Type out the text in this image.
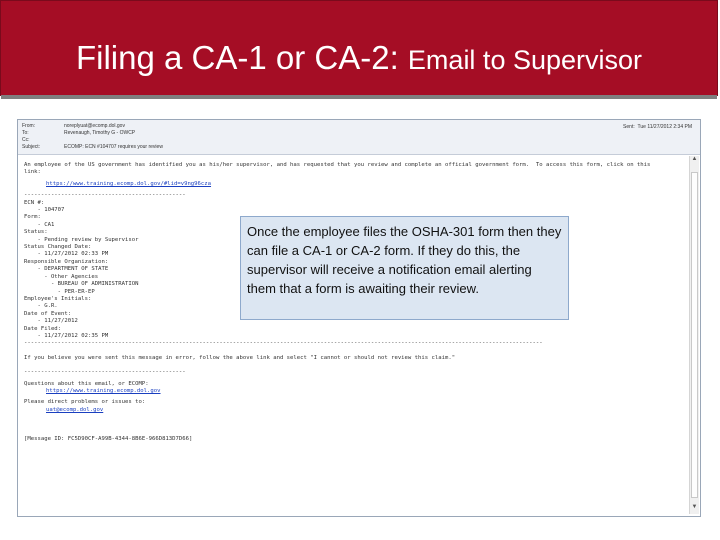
Filing a CA-1 or CA-2: Email to Supervisor
From:	noreplyuat@ecomp.dol.gov
To:	Revenaugh, Timothy G - OWCP
Cc:
Subject:	ECOMP: ECN #104707 requires your review
Sent: Tue 11/27/2012 2:34 PM
An employee of the US government has identified you as his/her supervisor, and has requested that you review and complete an official government form.  To access this form, click on this
link:
https://www.training.ecomp.dol.gov/#lid=v9ng96cza
------------------------------------------------
ECN #:
- 104707
Form:
- CA1
Status:
- Pending review by Supervisor
Status Changed Date:
- 11/27/2012 02:33 PM
Responsible Organization:
- DEPARTMENT OF STATE
- Other Agencies
- BUREAU OF ADMINISTRATION
- PER-ER-EP
Employee's Initials:
- G.R.
Date of Event:
- 11/27/2012
Date Filed:
- 11/27/2012 02:35 PM
----------------------------------------------------------------------------------------------------------------------------------------------------------
If you believe you were sent this message in error, follow the above link and select "I cannot or should not review this claim."
------------------------------------------------
Questions about this email, or ECOMP:
https://www.training.ecomp.dol.gov
Please direct problems or issues to:
uat@ecomp.dol.gov
[Message ID: FC5D90CF-A99B-4344-8B6E-966D813D7D66]
▲
▼

Once the employee files the OSHA-301 form then they can file a CA-1 or CA-2 form. If they do this, the supervisor will receive a notification email alerting them that a form is awaiting their review.
